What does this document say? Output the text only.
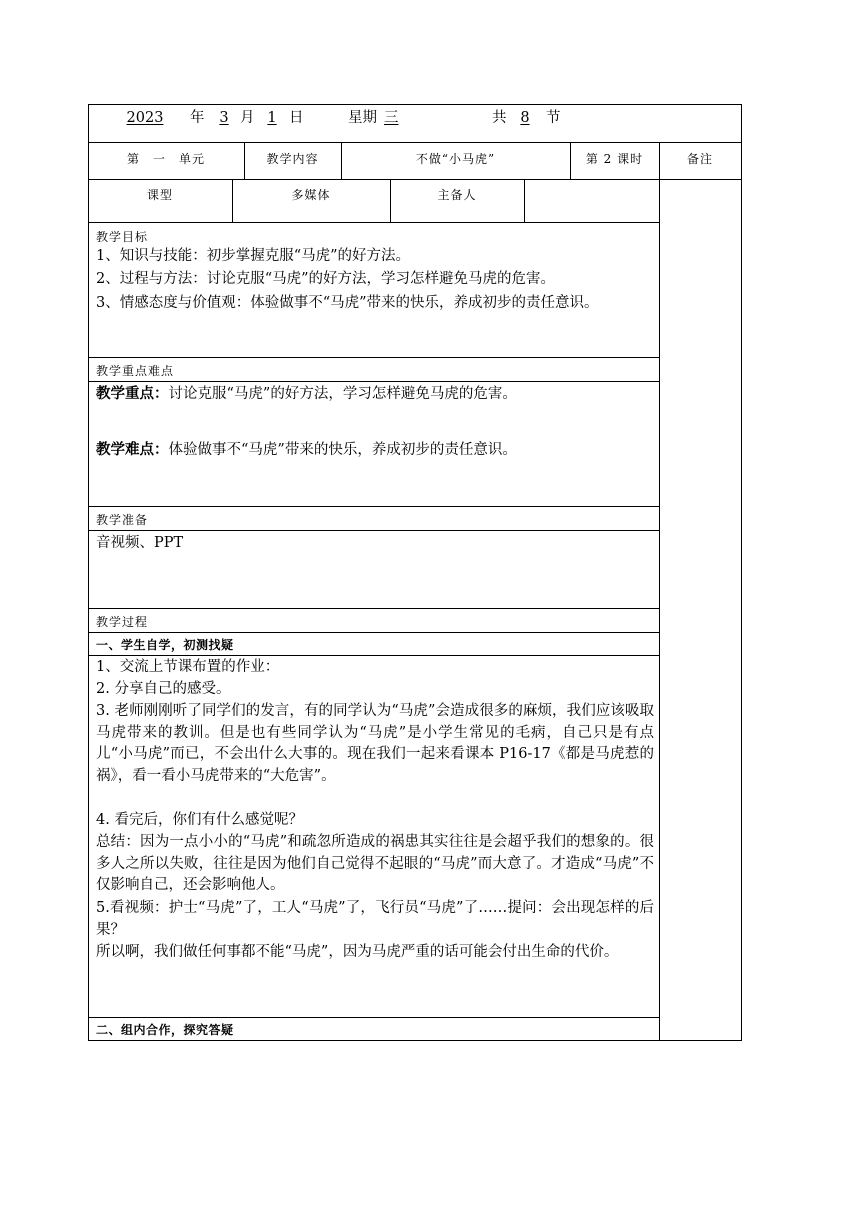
2023	年	3 月 1 日	星期 三	共 8	节
第　一　单元	教学内容	不做“小马虎”	第 2 课时	备注
课型	多媒体	主备人
教学目标
1、知识与技能：初步掌握克服“马虎”的好方法。
2、过程与方法：讨论克服“马虎”的好方法，学习怎样避免马虎的危害。
3、情感态度与价值观：体验做事不“马虎”带来的快乐，养成初步的责任意识。
教学重点难点
教学重点：讨论克服“马虎”的好方法，学习怎样避免马虎的危害。
教学难点：体验做事不“马虎”带来的快乐，养成初步的责任意识。
教学准备
音视频、PPT
教学过程
一、学生自学，初测找疑
1、交流上节课布置的作业：
2. 分享自己的感受。
3. 老师刚刚听了同学们的发言，有的同学认为“马虎”会造成很多的麻烦，我们应该吸取马虎带来的教训。但是也有些同学认为“马虎”是小学生常见的毛病，自己只是有点儿“小马虎”而已，不会出什么大事的。现在我们一起来看课本 P16-17《都是马虎惹的祸》，看一看小马虎带来的“大危害”。
4. 看完后，你们有什么感觉呢？
总结：因为一点小小的“马虎”和疏忽所造成的祸患其实往往是会超乎我们的想象的。很多人之所以失败，往往是因为他们自己觉得不起眼的“马虎”而大意了。才造成“马虎”不仅影响自己，还会影响他人。
5.看视频：护士“马虎”了，工人“马虎”了，飞行员“马虎”了……提问：会出现怎样的后果？
所以啊，我们做任何事都不能“马虎”，因为马虎严重的话可能会付出生命的代价。
二、组内合作，探究答疑
